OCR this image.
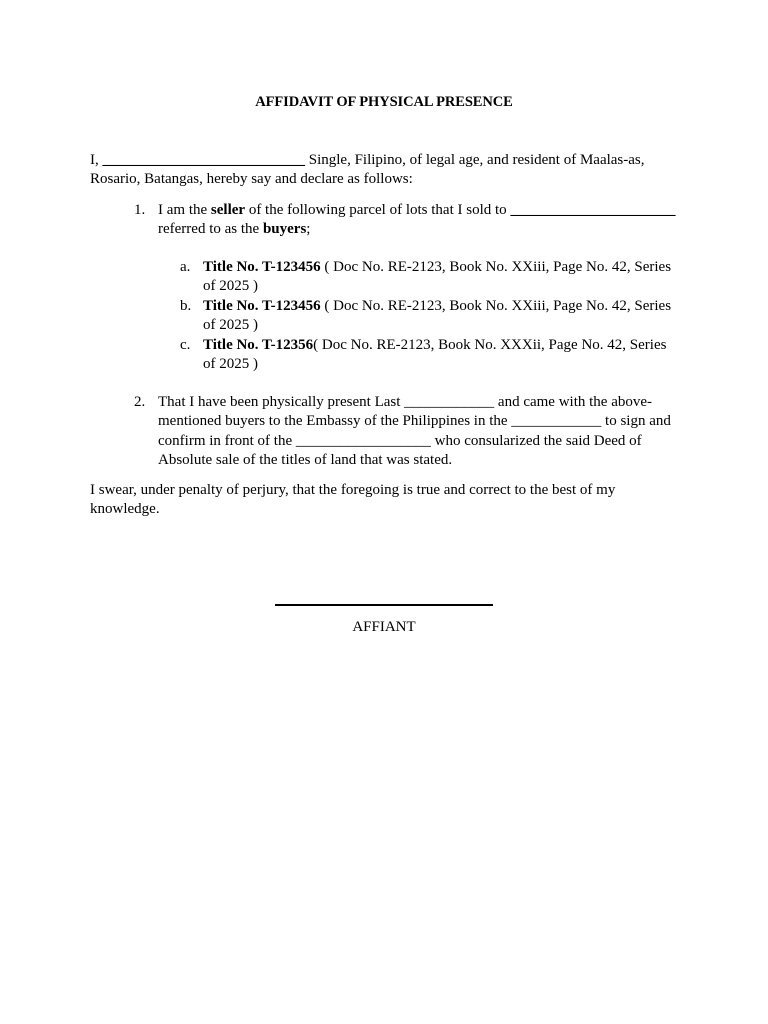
AFFIDAVIT OF PHYSICAL PRESENCE
I, ___________________________ Single, Filipino, of legal age, and resident of Maalas-as, Rosario, Batangas, hereby say and declare as follows:
1. I am the seller of the following parcel of lots that I sold to ______________________ referred to as the buyers;
a. Title No. T-123456 ( Doc No. RE-2123, Book No. XXiii, Page No. 42, Series of 2025 )
b. Title No. T-123456 ( Doc No. RE-2123, Book No. XXiii, Page No. 42, Series of 2025 )
c. Title No. T-12356( Doc No. RE-2123, Book No. XXXii, Page No. 42, Series of 2025 )
2. That I have been physically present Last ____________ and came with the above-mentioned buyers to the Embassy of the Philippines in the ____________ to sign and confirm in front of the __________________ who consularized the said Deed of Absolute sale of the titles of land that was stated.
I swear, under penalty of perjury, that the foregoing is true and correct to the best of my knowledge.
AFFIANT
